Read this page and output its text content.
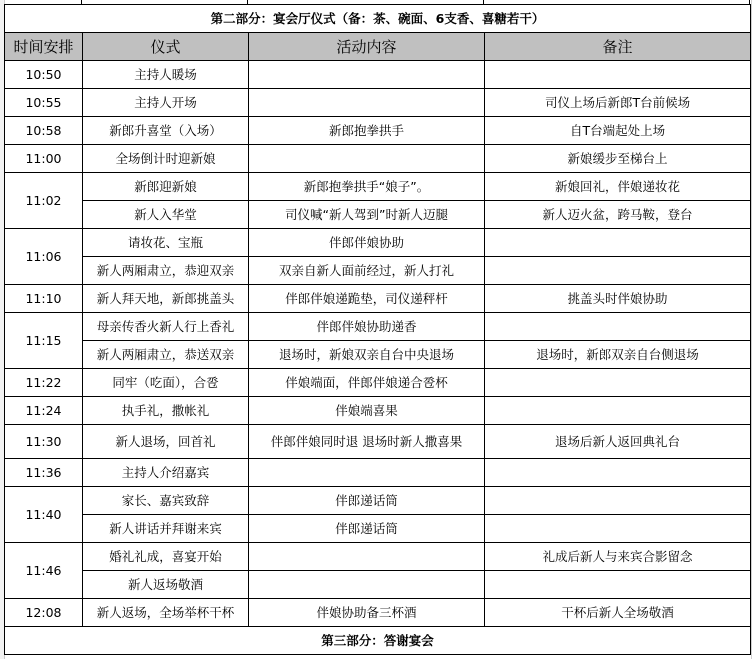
第二部分：宴会厅仪式（备：茶、碗面、6支香、喜糖若干）			
时间安排	仪式	活动内容	备注
10:50	主持人暖场		
10:55	主持人开场		司仪上场后新郎T台前候场
10:58	新郎升喜堂（入场）	新郎抱拳拱手	自T台端起处上场
11:00	全场倒计时迎新娘		新娘缓步至梯台上
11:02	新郎迎新娘	新郎抱拳拱手“娘子”。	新娘回礼，伴娘递妆花
	新人入华堂	司仪喊“新人驾到”时新人迈腿	新人迈火盆，跨马鞍，登台
11:06	请妆花、宝瓶	伴郎伴娘协助	
	新人两厢肃立，恭迎双亲	双亲自新人面前经过，新人打礼	
11:10	新人拜天地，新郎挑盖头	伴郎伴娘递跪垫，司仪递秤杆	挑盖头时伴娘协助
11:15	母亲传香火新人行上香礼	伴郎伴娘协助递香	
	新人两厢肃立，恭送双亲	退场时，新娘双亲自台中央退场	退场时，新郎双亲自台侧退场
11:22	同牢（吃面），合卺	伴娘端面，伴郎伴娘递合卺杯	
11:24	执手礼，撒帐礼	伴娘端喜果	
11:30	新人退场，回首礼	伴郎伴娘同时退 退场时新人撒喜果	退场后新人返回典礼台
11:36	主持人介绍嘉宾		
11:40	家长、嘉宾致辞	伴郎递话筒	
	新人讲话并拜谢来宾	伴郎递话筒	
11:46	婚礼礼成，喜宴开始		礼成后新人与来宾合影留念
	新人返场敬酒		
12:08	新人返场，全场举杯干杯	伴娘协助备三杯酒	干杯后新人全场敬酒
第三部分：答谢宴会			
